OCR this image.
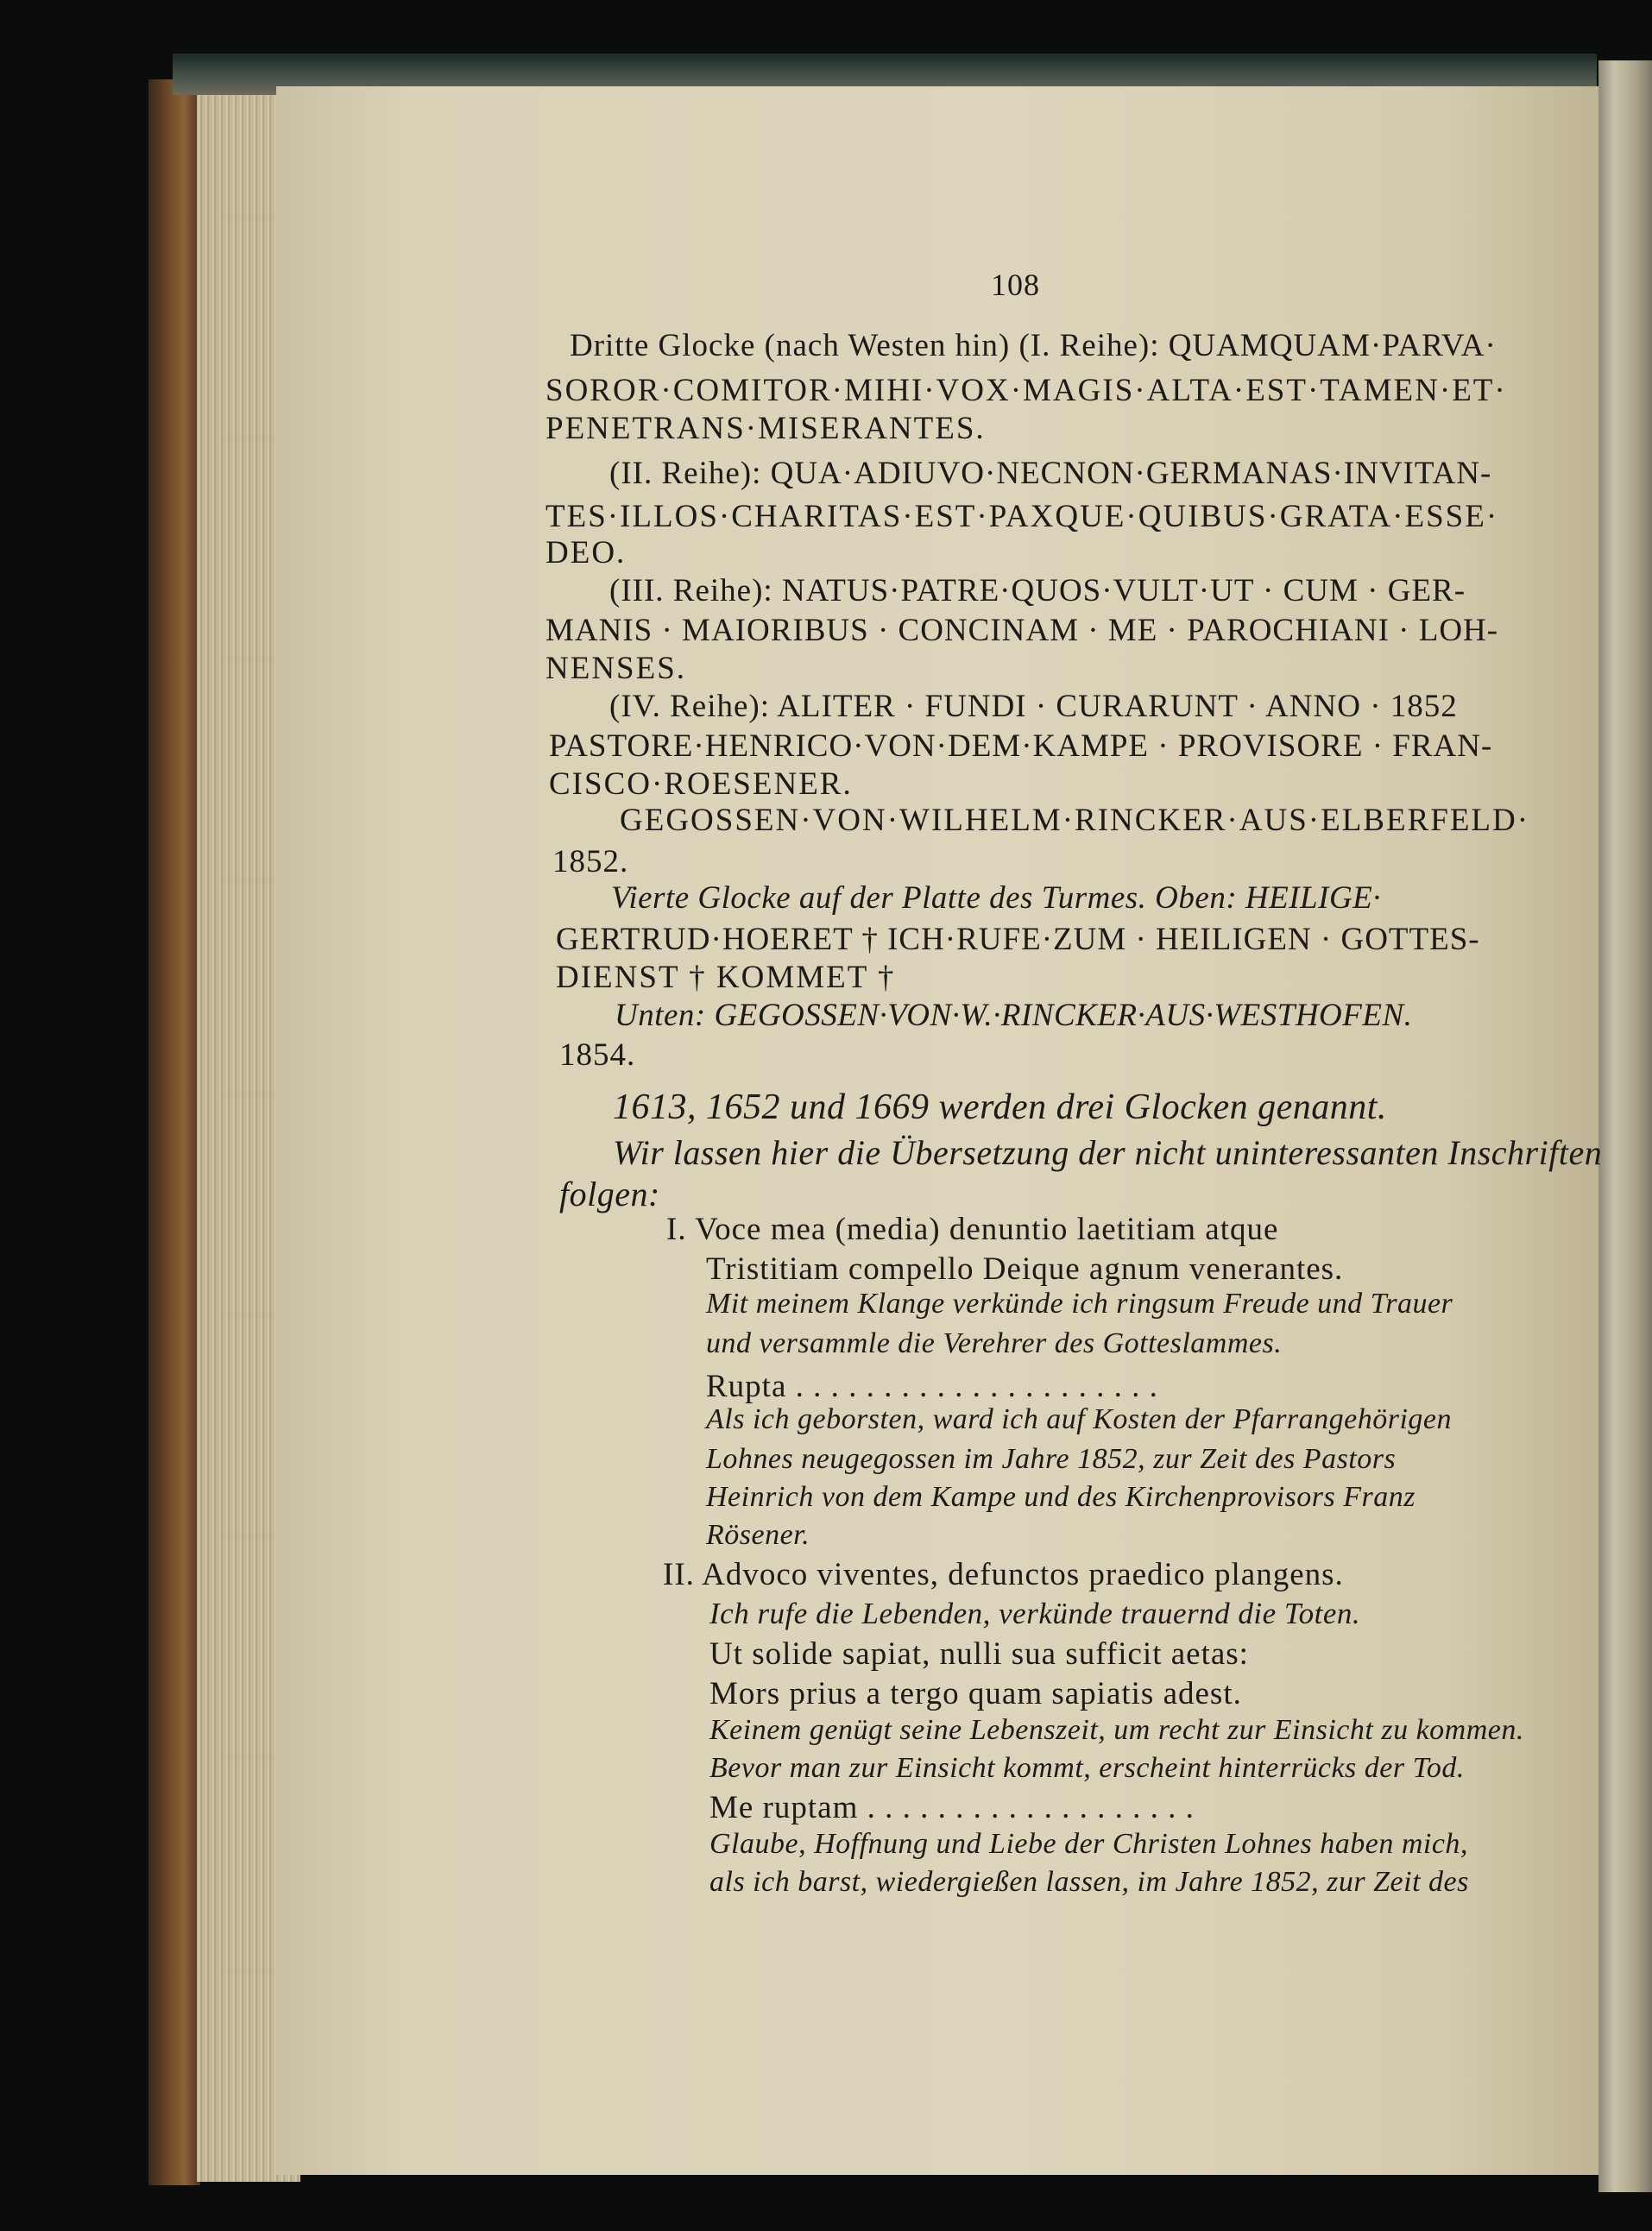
108
Dritte Glocke (nach Westen hin) (I. Reihe): QUAMQUAM·PARVA·
SOROR·COMITOR·MIHI·VOX·MAGIS·ALTA·EST·TAMEN·ET·
PENETRANS·MISERANTES.
(II. Reihe): QUA·ADIUVO·NECNON·GERMANAS·INVITAN-
TES·ILLOS·CHARITAS·EST·PAXQUE·QUIBUS·GRATA·ESSE·
DEO.
(III. Reihe): NATUS·PATRE·QUOS·VULT·UT · CUM · GER-
MANIS · MAIORIBUS · CONCINAM · ME · PAROCHIANI · LOH-
NENSES.
(IV. Reihe): ALITER · FUNDI · CURARUNT · ANNO · 1852
PASTORE·HENRICO·VON·DEM·KAMPE · PROVISORE · FRAN-
CISCO·ROESENER.
GEGOSSEN·VON·WILHELM·RINCKER·AUS·ELBERFELD·
1852.
Vierte Glocke auf der Platte des Turmes. Oben: HEILIGE·
GERTRUD·HOERET † ICH·RUFE·ZUM · HEILIGEN · GOTTES-
DIENST † KOMMET †
Unten: GEGOSSEN·VON·W.·RINCKER·AUS·WESTHOFEN.
1854.
1613, 1652 und 1669 werden drei Glocken genannt.
Wir lassen hier die Übersetzung der nicht uninteressanten Inschriften
folgen:
I. Voce mea (media) denuntio laetitiam atque
Tristitiam compello Deique agnum venerantes.
Mit meinem Klange verkünde ich ringsum Freude und Trauer
und versammle die Verehrer des Gotteslammes.
Rupta . . . . . . . . . . . . . . . . . . . . .
Als ich geborsten, ward ich auf Kosten der Pfarrangehörigen
Lohnes neugegossen im Jahre 1852, zur Zeit des Pastors
Heinrich von dem Kampe und des Kirchenprovisors Franz
Rösener.
II. Advoco viventes, defunctos praedico plangens.
Ich rufe die Lebenden, verkünde trauernd die Toten.
Ut solide sapiat, nulli sua sufficit aetas:
Mors prius a tergo quam sapiatis adest.
Keinem genügt seine Lebenszeit, um recht zur Einsicht zu kommen.
Bevor man zur Einsicht kommt, erscheint hinterrücks der Tod.
Me ruptam . . . . . . . . . . . . . . . . . . .
Glaube, Hoffnung und Liebe der Christen Lohnes haben mich,
als ich barst, wiedergießen lassen, im Jahre 1852, zur Zeit des
